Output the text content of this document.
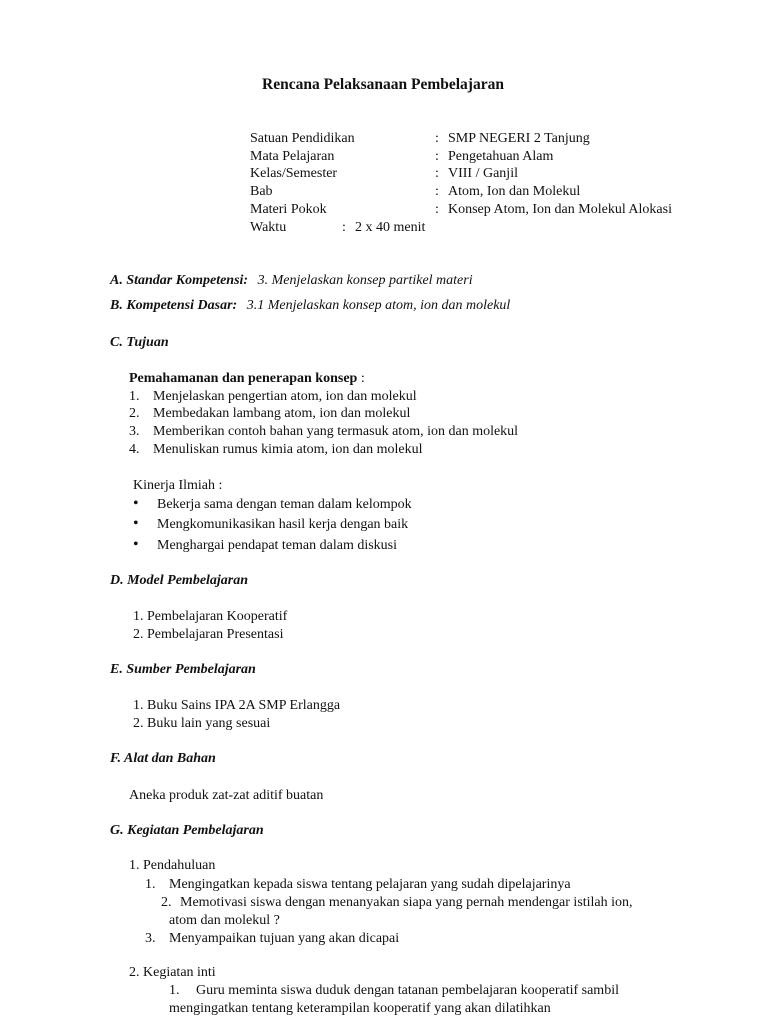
Rencana Pelaksanaan Pembelajaran
Satuan Pendidikan	: SMP NEGERI 2 Tanjung
Mata Pelajaran	: Pengetahuan Alam
Kelas/Semester	: VIII / Ganjil
Bab	: Atom, Ion dan Molekul
Materi Pokok	: Konsep Atom, Ion dan Molekul Alokasi
Waktu	: 2 x 40 menit
A. Standar Kompetensi: 3. Menjelaskan konsep partikel materi
B. Kompetensi Dasar: 3.1 Menjelaskan konsep atom, ion dan molekul
C. Tujuan
Pemahamanan dan penerapan konsep :
1. Menjelaskan pengertian atom, ion dan molekul
2. Membedakan lambang atom, ion dan molekul
3. Memberikan contoh bahan yang termasuk atom, ion dan molekul
4. Menuliskan rumus kimia atom, ion dan molekul
Kinerja Ilmiah :
• Bekerja sama dengan teman dalam kelompok
• Mengkomunikasikan hasil kerja dengan baik
• Menghargai pendapat teman dalam diskusi
D. Model Pembelajaran
1. Pembelajaran Kooperatif
2. Pembelajaran Presentasi
E. Sumber Pembelajaran
1. Buku Sains IPA 2A SMP Erlangga
2. Buku lain yang sesuai
F. Alat dan Bahan
Aneka produk zat-zat aditif buatan
G. Kegiatan Pembelajaran
1. Pendahuluan
1. Mengingatkan kepada siswa tentang pelajaran yang sudah dipelajarinya
2. Memotivasi siswa dengan menanyakan siapa yang pernah mendengar istilah ion,
atom dan molekul ?
3. Menyampaikan tujuan yang akan dicapai
2. Kegiatan inti
1. Guru meminta siswa duduk dengan tatanan pembelajaran kooperatif sambil
mengingatkan tentang keterampilan kooperatif yang akan dilatihkan
